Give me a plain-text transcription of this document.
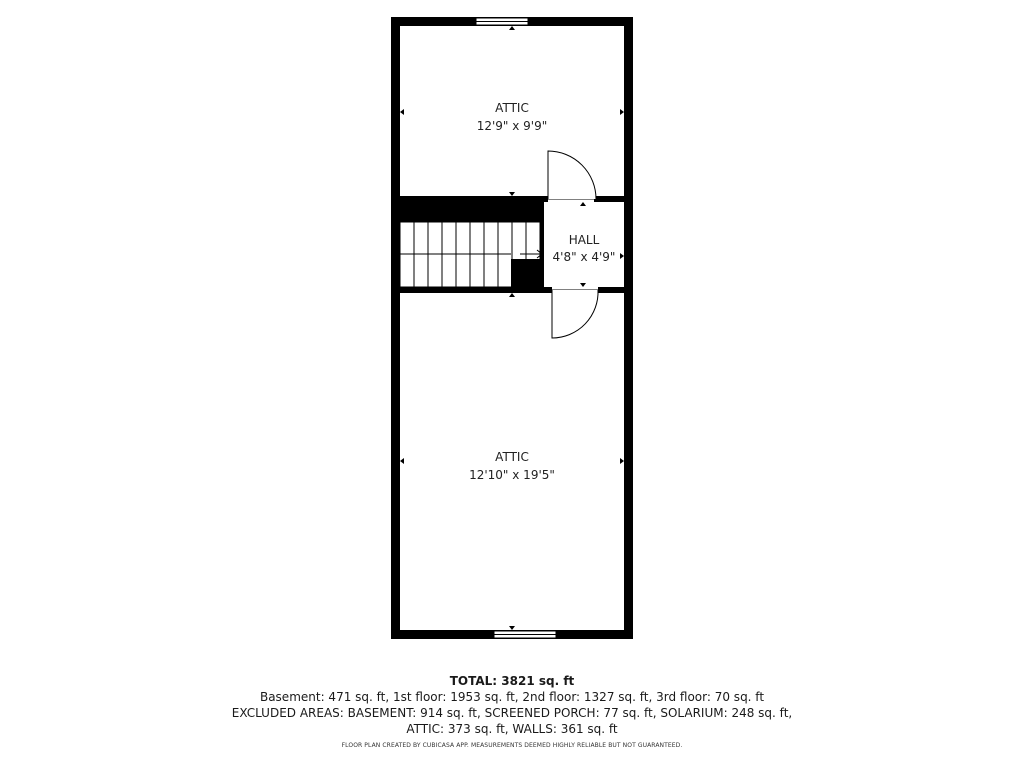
ATTIC
12'9" x 9'9"
HALL
4'8" x 4'9"
ATTIC
12'10" x 19'5"
TOTAL: 3821 sq. ft
Basement: 471 sq. ft, 1st floor: 1953 sq. ft, 2nd floor: 1327 sq. ft, 3rd floor: 70 sq. ft
EXCLUDED AREAS: BASEMENT: 914 sq. ft, SCREENED PORCH: 77 sq. ft, SOLARIUM: 248 sq. ft,
ATTIC: 373 sq. ft, WALLS: 361 sq. ft
FLOOR PLAN CREATED BY CUBICASA APP. MEASUREMENTS DEEMED HIGHLY RELIABLE BUT NOT GUARANTEED.
